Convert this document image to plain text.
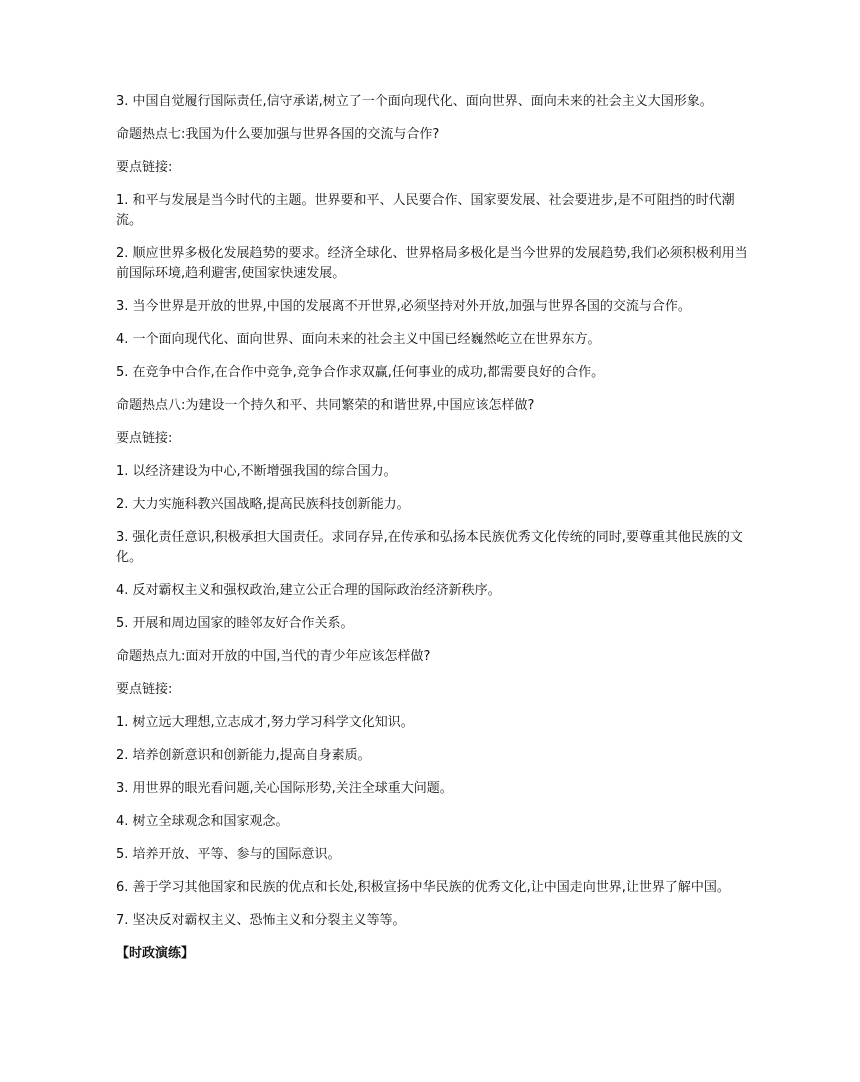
3. 中国自觉履行国际责任,信守承诺,树立了一个面向现代化、面向世界、面向未来的社会主义大国形象。

命题热点七:我国为什么要加强与世界各国的交流与合作?

要点链接:

1. 和平与发展是当今时代的主题。世界要和平、人民要合作、国家要发展、社会要进步,是不可阻挡的时代潮流。

2. 顺应世界多极化发展趋势的要求。经济全球化、世界格局多极化是当今世界的发展趋势,我们必须积极利用当前国际环境,趋利避害,使国家快速发展。

3. 当今世界是开放的世界,中国的发展离不开世界,必须坚持对外开放,加强与世界各国的交流与合作。

4. 一个面向现代化、面向世界、面向未来的社会主义中国已经巍然屹立在世界东方。

5. 在竞争中合作,在合作中竞争,竞争合作求双赢,任何事业的成功,都需要良好的合作。

命题热点八:为建设一个持久和平、共同繁荣的和谐世界,中国应该怎样做?

要点链接:

1. 以经济建设为中心,不断增强我国的综合国力。

2. 大力实施科教兴国战略,提高民族科技创新能力。

3. 强化责任意识,积极承担大国责任。求同存异,在传承和弘扬本民族优秀文化传统的同时,要尊重其他民族的文化。

4. 反对霸权主义和强权政治,建立公正合理的国际政治经济新秩序。

5. 开展和周边国家的睦邻友好合作关系。

命题热点九:面对开放的中国,当代的青少年应该怎样做?

要点链接:

1. 树立远大理想,立志成才,努力学习科学文化知识。

2. 培养创新意识和创新能力,提高自身素质。

3. 用世界的眼光看问题,关心国际形势,关注全球重大问题。

4. 树立全球观念和国家观念。

5. 培养开放、平等、参与的国际意识。

6. 善于学习其他国家和民族的优点和长处,积极宣扬中华民族的优秀文化,让中国走向世界,让世界了解中国。

7. 坚决反对霸权主义、恐怖主义和分裂主义等等。

【时政演练】
